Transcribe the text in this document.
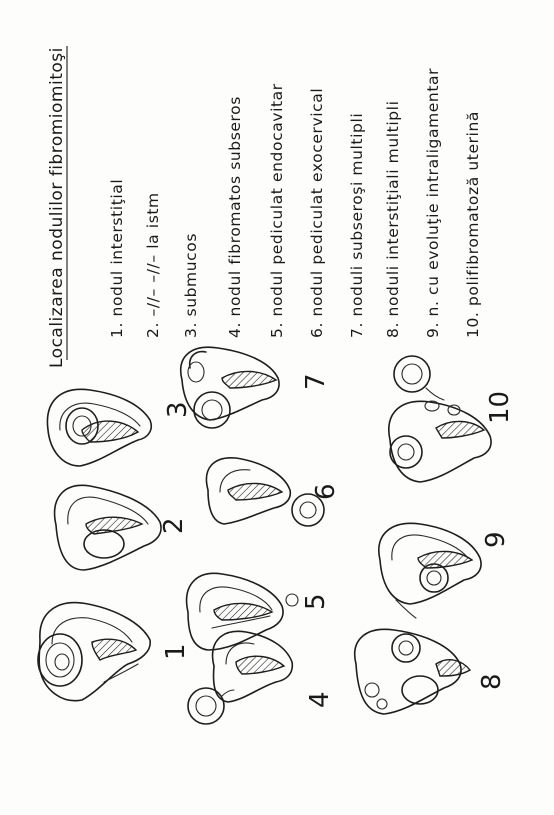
Localizarea nodulilor fibromiomitoşi	1. nodul interstiţial 2. –//– –//– la istm 3. submucos 4. nodul fibromatos subseros 5. nodul pediculat endocavitar 6. nodul pediculat exocervical 7. noduli subseroşi multipli 8. noduli interstiţiali multipli 9. n. cu evoluţie intraligamentar 10. polifibromatoză uterină
1
2
3
4
5
6
7
8
9
10
